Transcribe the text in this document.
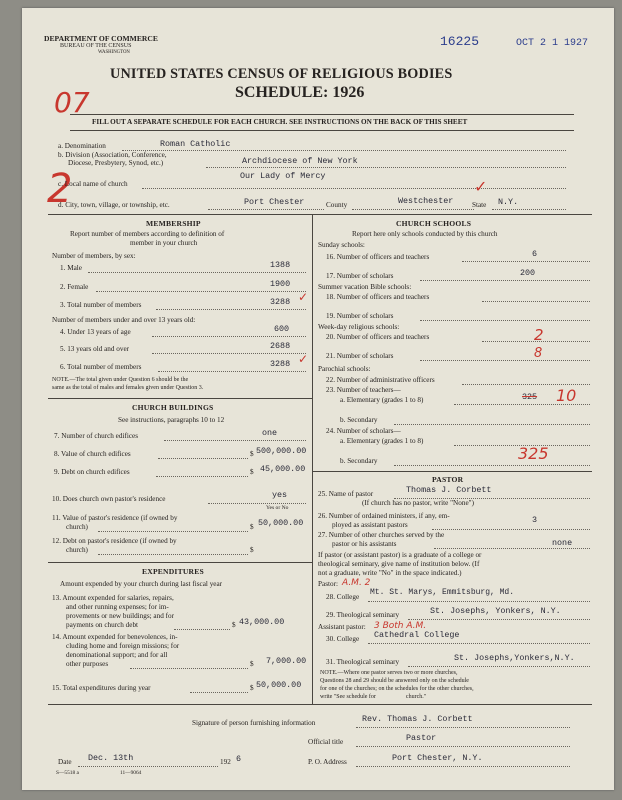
DEPARTMENT OF COMMERCE
BUREAU OF THE CENSUS
WASHINGTON
16225	OCT 2 1 1927
UNITED STATES CENSUS OF RELIGIOUS BODIES
SCHEDULE: 1926
07
2
FILL OUT A SEPARATE SCHEDULE FOR EACH CHURCH. SEE INSTRUCTIONS ON THE BACK OF THIS SHEET
a. Denomination	Roman Catholic
b. Division (Association, Conference,
Diocese, Presbytery, Synod, etc.)	Archdiocese of New York
Our Lady of Mercy
c. Local name of church
d. City, town, village, or township, etc.	Port Chester	County	Westchester	State N.Y.
✓
MEMBERSHIP
Report number of members according to definition of
member in your church
Number of members, by sex:
1. Male	1388
2. Female	1900
3. Total number of members	3288 ✓
Number of members under and over 13 years old:
4. Under 13 years of age	600
5. 13 years old and over	2688
6. Total number of members	3288 ✓
NOTE.—The total given under Question 6 should be the
same as the total of males and females given under Question 3.
CHURCH BUILDINGS
See instructions, paragraphs 10 to 12
7. Number of church edifices	one
8. Value of church edifices	$ 500,000.00
9. Debt on church edifices	$ 45,000.00
10. Does church own pastor's residence	yes
Yes or No
11. Value of pastor's residence (if owned by
church)	$ 50,000.00
12. Debt on pastor's residence (if owned by
church)	$
EXPENDITURES
Amount expended by your church during last fiscal year
13. Amount expended for salaries, repairs,
and other running expenses; for im-
provements or new buildings; and for
payments on church debt	$ 43,000.00
14. Amount expended for benevolences, in-
cluding home and foreign missions; for
denominational support; and for all
other purposes	$ 7,000.00
15. Total expenditures during year	$ 50,000.00
CHURCH SCHOOLS
Report here only schools conducted by this church
Sunday schools:
16. Number of officers and teachers	6
17. Number of scholars	200
Summer vacation Bible schools:
18. Number of officers and teachers
19. Number of scholars
Week-day religious schools:
20. Number of officers and teachers	2
21. Number of scholars	8
Parochial schools:
22. Number of administrative officers
23. Number of teachers—
a. Elementary (grades 1 to 8)	325 10
b. Secondary
24. Number of scholars—
a. Elementary (grades 1 to 8)
b. Secondary	325
PASTOR
25. Name of pastor	Thomas J. Corbett
(If church has no pastor, write "None")
26. Number of ordained ministers, if any, em-
ployed as assistant pastors	3
27. Number of other churches served by the
pastor or his assistants	none
If pastor (or assistant pastor) is a graduate of a college or
theological seminary, give name of institution below. (If
not a graduate, write "No" in the space indicated.)
Pastor: A.M. 2
28. College Mt. St. Marys, Emmitsburg, Md.
29. Theological seminary	St. Josephs, Yonkers, N.Y.
Assistant pastor: 3 Both A.M.
30. College Cathedral College
31. Theological seminary	St. Josephs,Yonkers,N.Y.
NOTE.—Where one pastor serves two or more churches,
Questions 28 and 29 should be answered only on the schedule
for one of the churches; on the schedules for the other churches,
write "See schedule for                    church."
Signature of person furnishing information	Rev. Thomas J. Corbett
Official title	Pastor
Date Dec. 13th	192 6	P. O. Address	Port Chester, N.Y.
S—5518 a	11—9064
